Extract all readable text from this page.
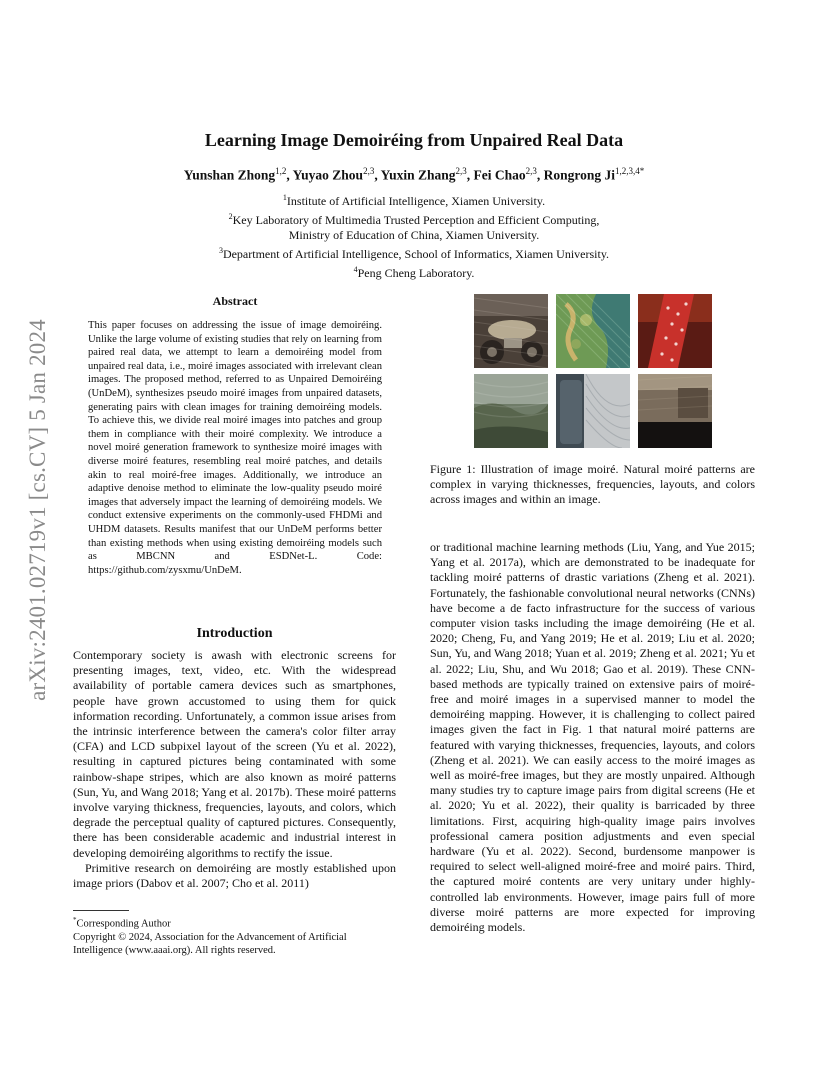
arXiv:2401.02719v1 [cs.CV] 5 Jan 2024
Learning Image Demoiréing from Unpaired Real Data
Yunshan Zhong$^{1,2}$, Yuyao Zhou$^{2,3}$, Yuxin Zhang$^{2,3}$, Fei Chao$^{2,3}$, Rongrong $Ji^{1,2,3,4*}$
$^1$Institute of Artificial Intelligence, Xiamen University.
$^2$Key Laboratory of Multimedia Trusted Perception and Efficient Computing,
Ministry of Education of China, Xiamen University.
$^3$Department of Artificial Intelligence, School of Informatics, Xiamen University.
$^4$Peng Cheng Laboratory.
Abstract
This paper focuses on addressing the issue of image demoiréing. Unlike the large volume of existing studies that rely on learning from paired real data, we attempt to learn a demoiréing model from unpaired real data, i.e., moiré images associated with irrelevant clean images. The proposed method, referred to as Unpaired Demoiréing (UnDeM), synthesizes pseudo moiré images from unpaired datasets, generating pairs with clean images for training demoiréing models. To achieve this, we divide real moiré images into patches and group them in compliance with their moiré complexity. We introduce a novel moiré generation framework to synthesize moiré images with diverse moiré features, resembling real moiré patches, and details akin to real moiré-free images. Additionally, we introduce an adaptive denoise method to eliminate the low-quality pseudo moiré images that adversely impact the learning of demoiréing models. We conduct extensive experiments on the commonly-used FHDMi and UHDM datasets. Results manifest that our UnDeM performs better than existing methods when using existing demoiréing models such as MBCNN and ESDNet-L. Code: https://github.com/zysxmu/UnDeM.
Introduction

Contemporary society is awash with electronic screens for presenting images, text, video, etc. With the widespread availability of portable camera devices such as smartphones, people have grown accustomed to using them for quick information recording. Unfortunately, a common issue arises from the intrinsic interference between the camera's color filter array (CFA) and LCD subpixel layout of the screen (Yu et al. 2022), resulting in captured pictures being contaminated with some rainbow-shape stripes, which are also known as moiré patterns (Sun, Yu, and Wang 2018; Yang et al. 2017b). These moiré patterns involve varying thickness, frequencies, layouts, and colors, which degrade the perceptual quality of captured pictures. Consequently, there has been considerable academic and industrial interest in developing demoiréing algorithms to rectify the issue.

Primitive research on demoiréing are mostly established upon image priors (Dabov et al. 2007; Cho et al. 2011)

*Corresponding Author
Copyright © 2024, Association for the Advancement of Artificial Intelligence (www.aaai.org). All rights reserved.
Figure 1: Illustration of image moiré. Natural moiré patterns are complex in varying thicknesses, frequencies, layouts, and colors across images and within an image.

or traditional machine learning methods (Liu, Yang, and Yue 2015; Yang et al. 2017a), which are demonstrated to be inadequate for tackling moiré patterns of drastic variations (Zheng et al. 2021). Fortunately, the fashionable convolutional neural networks (CNNs) have become a de facto infrastructure for the success of various computer vision tasks including the image demoiréing (He et al. 2020; Cheng, Fu, and Yang 2019; He et al. 2019; Liu et al. 2020; Sun, Yu, and Wang 2018; Yuan et al. 2019; Zheng et al. 2021; Yu et al. 2022; Liu, Shu, and Wu 2018; Gao et al. 2019). These CNN-based methods are typically trained on extensive pairs of moiré-free and moiré images in a supervised manner to model the demoiréing mapping. However, it is challenging to collect paired images given the fact in Fig. 1 that natural moiré patterns are featured with varying thicknesses, frequencies, layouts, and colors (Zheng et al. 2021). We can easily access to the moiré images as well as moiré-free images, but they are mostly unpaired. Although many studies try to capture image pairs from digital screens (He et al. 2020; Yu et al. 2022), their quality is barricaded by three limitations. First, acquiring high-quality image pairs involves professional camera position adjustments and even special hardware (Yu et al. 2022). Second, burdensome manpower is required to select well-aligned moiré-free and moiré pairs. Third, the captured moiré contents are very unitary under highly-controlled lab environments. However, image pairs full of more diverse moiré patterns are more expected for improving demoiréing models.
